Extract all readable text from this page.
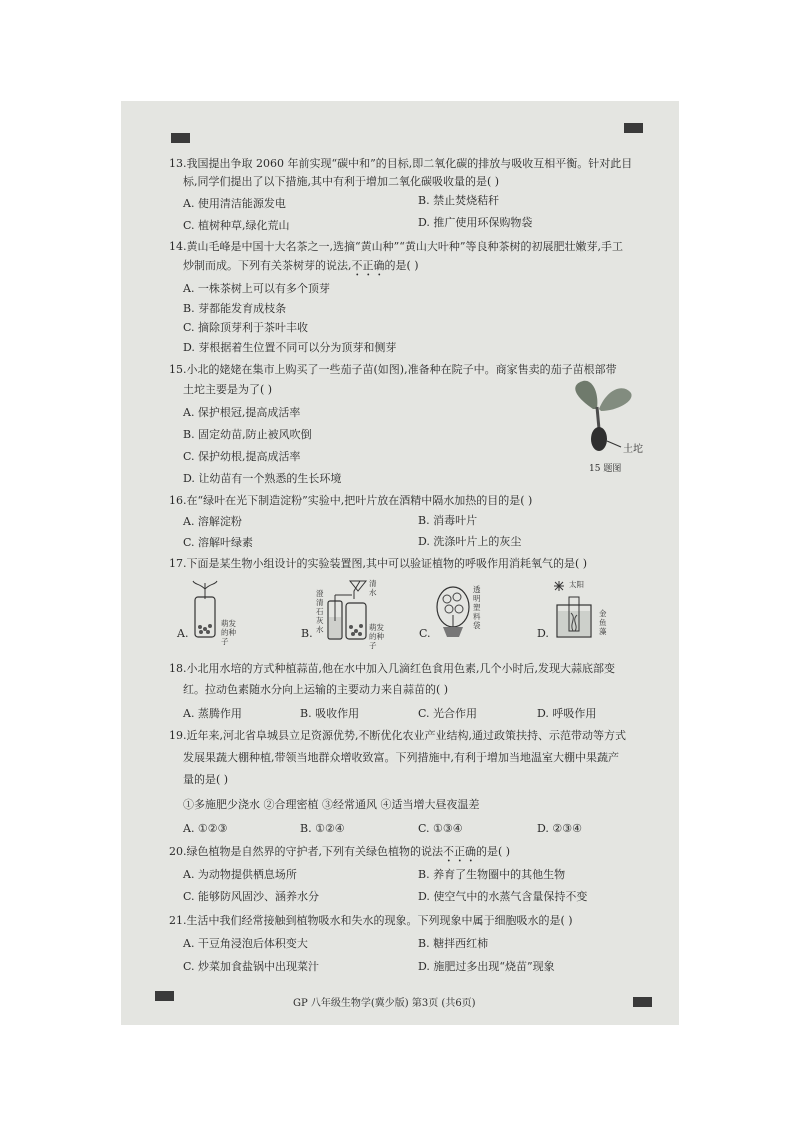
13.我国提出争取 2060 年前实现“碳中和”的目标,即二氧化碳的排放与吸收互相平衡。针对此目
标,同学们提出了以下措施,其中有利于增加二氧化碳吸收量的是( )
A. 使用清洁能源发电	B. 禁止焚烧秸秆
C. 植树种草,绿化荒山	D. 推广使用环保购物袋
14.黄山毛峰是中国十大名茶之一,选摘“黄山种”“黄山大叶种”等良种茶树的初展肥壮嫩芽,手工
炒制而成。下列有关茶树芽的说法,不正确的是( )
A. 一株茶树上可以有多个顶芽
B. 芽都能发育成枝条
C. 摘除顶芽利于茶叶丰收
D. 芽根据着生位置不同可以分为顶芽和侧芽
15.小北的姥姥在集市上购买了一些茄子苗(如图),准备种在院子中。商家售卖的茄子苗根部带
土坨主要是为了( )
A. 保护根冠,提高成活率
B. 固定幼苗,防止被风吹倒
C. 保护幼根,提高成活率
D. 让幼苗有一个熟悉的生长环境
土坨
15 题图
16.在“绿叶在光下制造淀粉”实验中,把叶片放在酒精中隔水加热的目的是( )
A. 溶解淀粉	B. 消毒叶片
C. 溶解叶绿素	D. 洗涤叶片上的灰尘
17.下面是某生物小组设计的实验装置图,其中可以验证植物的呼吸作用消耗氧气的是( )
A.
萌发的种子
B.
澄清石灰水
清水
萌发的种子
C.
透明塑料袋
D.
太阳
金鱼藻
18.小北用水培的方式种植蒜苗,他在水中加入几滴红色食用色素,几个小时后,发现大蒜底部变
红。拉动色素随水分向上运输的主要动力来自蒜苗的( )
A. 蒸腾作用	B. 吸收作用	C. 光合作用	D. 呼吸作用
19.近年来,河北省阜城县立足资源优势,不断优化农业产业结构,通过政策扶持、示范带动等方式
发展果蔬大棚种植,带领当地群众增收致富。下列措施中,有利于增加当地温室大棚中果蔬产
量的是( )
①多施肥少浇水 ②合理密植 ③经常通风 ④适当增大昼夜温差
A. ①②③	B. ①②④	C. ①③④	D. ②③④
20.绿色植物是自然界的守护者,下列有关绿色植物的说法不正确的是( )
A. 为动物提供栖息场所	B. 养育了生物圈中的其他生物
C. 能够防风固沙、涵养水分	D. 使空气中的水蒸气含量保持不变
21.生活中我们经常接触到植物吸水和失水的现象。下列现象中属于细胞吸水的是( )
A. 干豆角浸泡后体积变大	B. 糖拌西红柿
C. 炒菜加食盐锅中出现菜汁	D. 施肥过多出现“烧苗”现象
GP 八年级生物学(冀少版) 第3页 (共6页)
